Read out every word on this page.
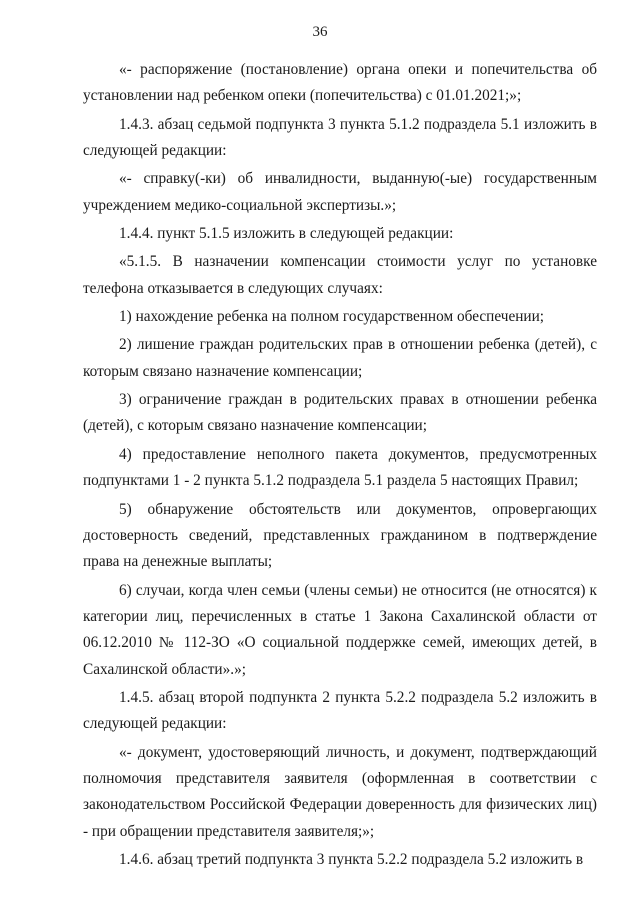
36

«- распоряжение (постановление) органа опеки и попечительства об установлении над ребенком опеки (попечительства) с 01.01.2021;»;

1.4.3. абзац седьмой подпункта 3 пункта 5.1.2 подраздела 5.1 изложить в следующей редакции:

«- справку(-ки) об инвалидности, выданную(-ые) государственным учреждением медико-социальной экспертизы.»;

1.4.4. пункт 5.1.5 изложить в следующей редакции:

«5.1.5. В назначении компенсации стоимости услуг по установке телефона отказывается в следующих случаях:

1) нахождение ребенка на полном государственном обеспечении;

2) лишение граждан родительских прав в отношении ребенка (детей), с которым связано назначение компенсации;

3) ограничение граждан в родительских правах в отношении ребенка (детей), с которым связано назначение компенсации;

4) предоставление неполного пакета документов, предусмотренных подпунктами 1 - 2 пункта 5.1.2 подраздела 5.1 раздела 5 настоящих Правил;

5) обнаружение обстоятельств или документов, опровергающих достоверность сведений, представленных гражданином в подтверждение права на денежные выплаты;

6) случаи, когда член семьи (члены семьи) не относится (не относятся) к категории лиц, перечисленных в статье 1 Закона Сахалинской области от 06.12.2010 № 112-ЗО «О социальной поддержке семей, имеющих детей, в Сахалинской области».»;

1.4.5. абзац второй подпункта 2 пункта 5.2.2 подраздела 5.2 изложить в следующей редакции:

«- документ, удостоверяющий личность, и документ, подтверждающий полномочия представителя заявителя (оформленная в соответствии с законодательством Российской Федерации доверенность для физических лиц) - при обращении представителя заявителя;»;

1.4.6. абзац третий подпункта 3 пункта 5.2.2 подраздела 5.2 изложить в
